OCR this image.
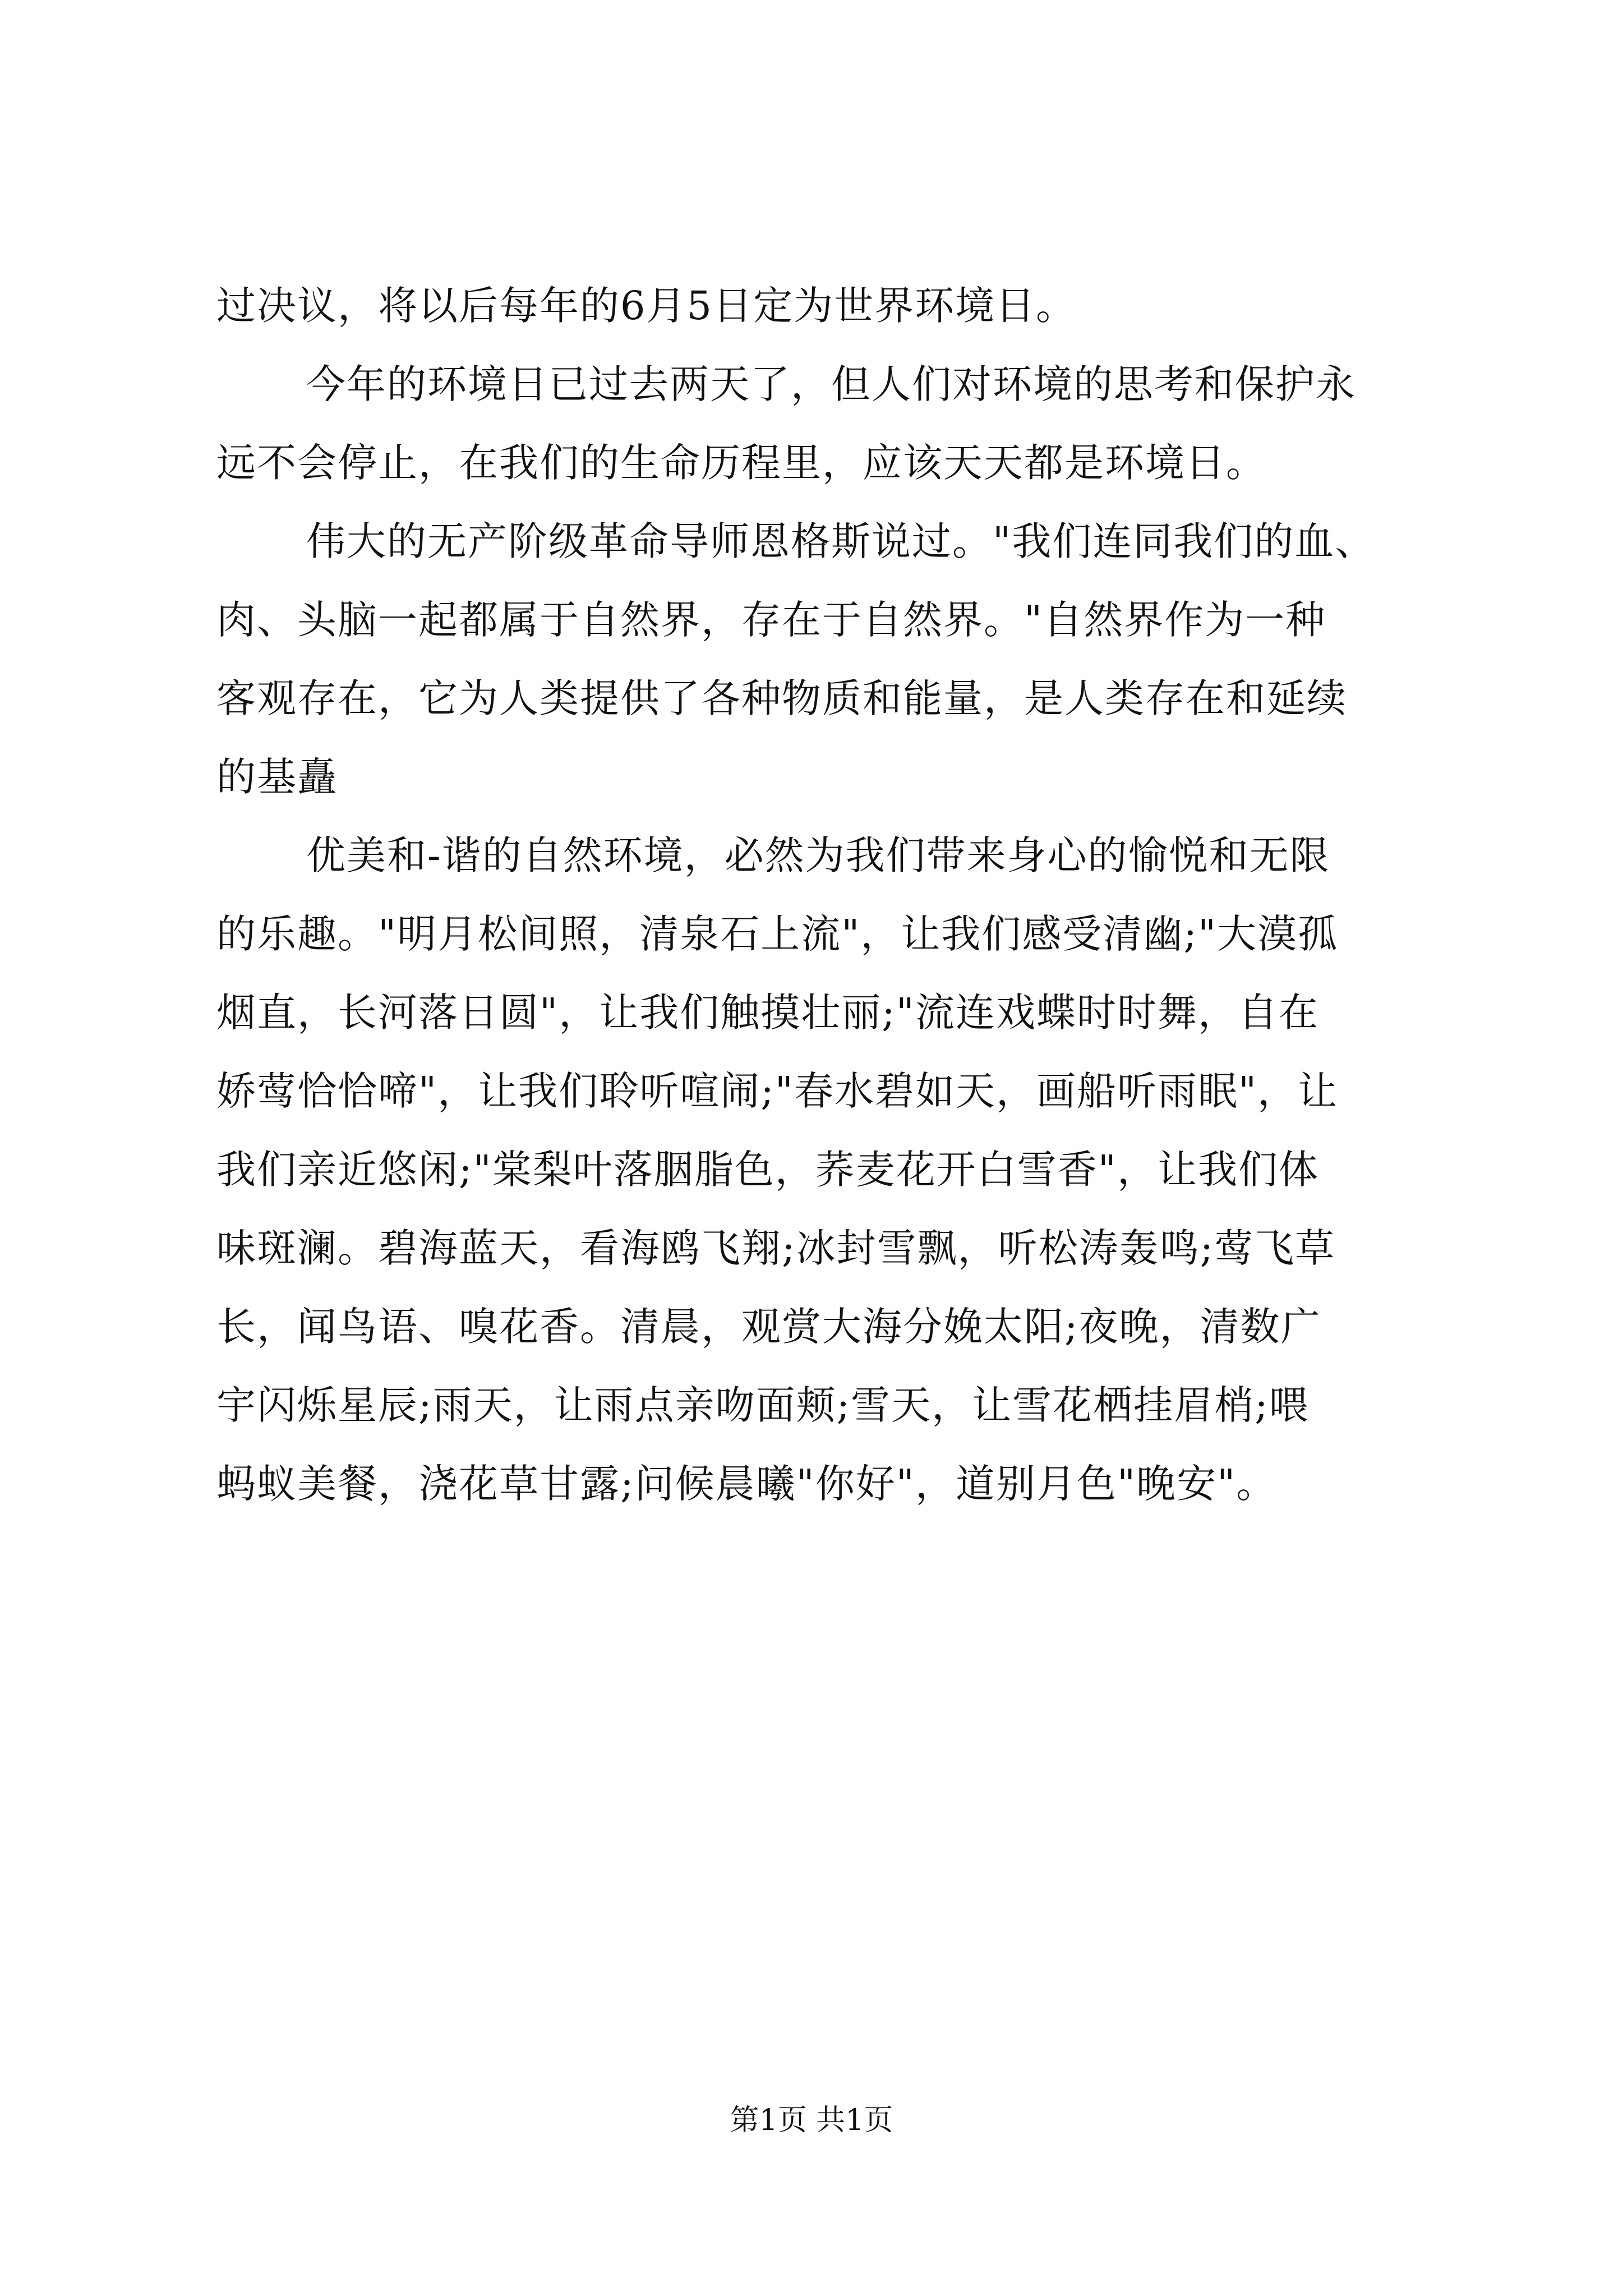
过决议，将以后每年的6月5日定为世界环境日。
今年的环境日已过去两天了，但人们对环境的思考和保护永
远不会停止，在我们的生命历程里，应该天天都是环境日。
伟大的无产阶级革命导师恩格斯说过。"我们连同我们的血、
肉、头脑一起都属于自然界，存在于自然界。"自然界作为一种
客观存在，它为人类提供了各种物质和能量，是人类存在和延续
的基矗
优美和-谐的自然环境，必然为我们带来身心的愉悦和无限
的乐趣。"明月松间照，清泉石上流"，让我们感受清幽;"大漠孤
烟直，长河落日圆"，让我们触摸壮丽;"流连戏蝶时时舞，自在
娇莺恰恰啼"，让我们聆听喧闹;"春水碧如天，画船听雨眠"，让
我们亲近悠闲;"棠梨叶落胭脂色，荞麦花开白雪香"，让我们体
味斑澜。碧海蓝天，看海鸥飞翔;冰封雪飘，听松涛轰鸣;莺飞草
长，闻鸟语、嗅花香。清晨，观赏大海分娩太阳;夜晚，清数广
宇闪烁星辰;雨天，让雨点亲吻面颊;雪天，让雪花栖挂眉梢;喂
蚂蚁美餐，浇花草甘露;问候晨曦"你好"，道别月色"晚安"。
第1页 共1页
